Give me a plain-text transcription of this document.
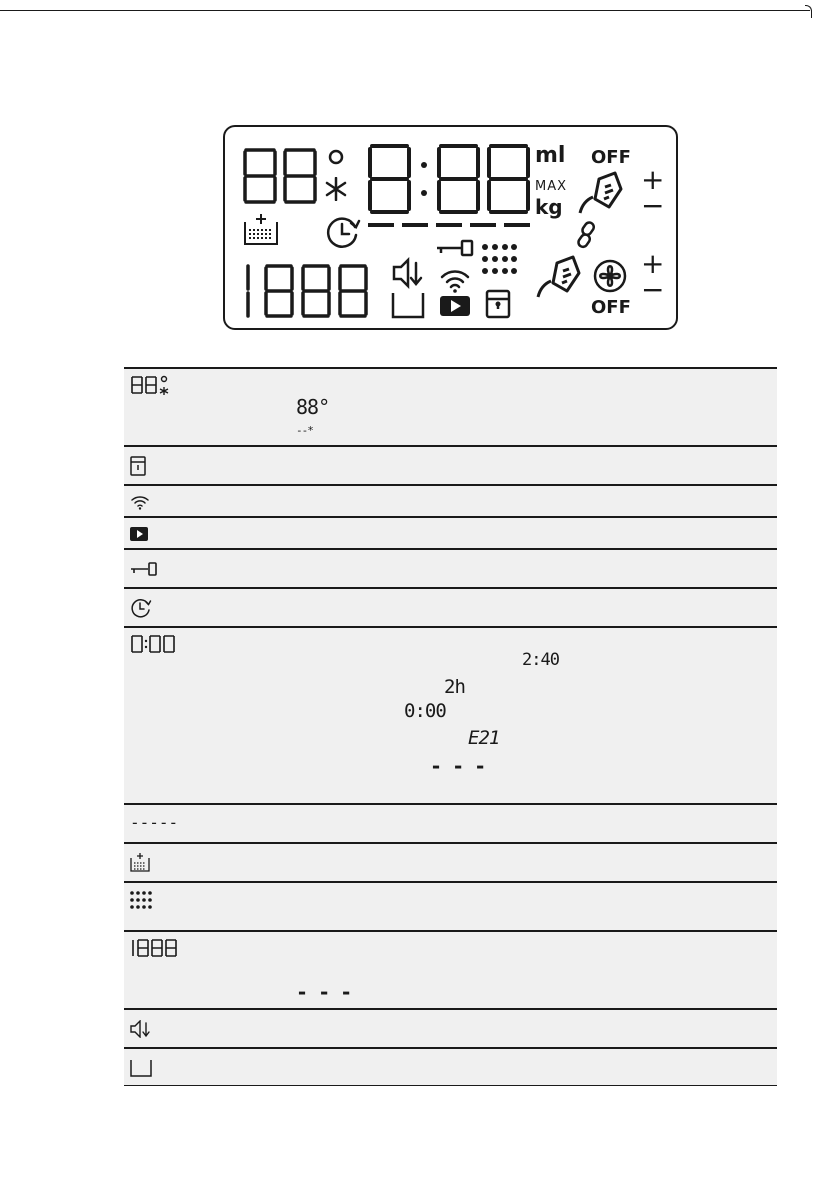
ml
MAX
kg
OFF
+
−
OFF
+
−
88°
--*
2:40
2h
0:00
E21
- - -
-----
- - -
